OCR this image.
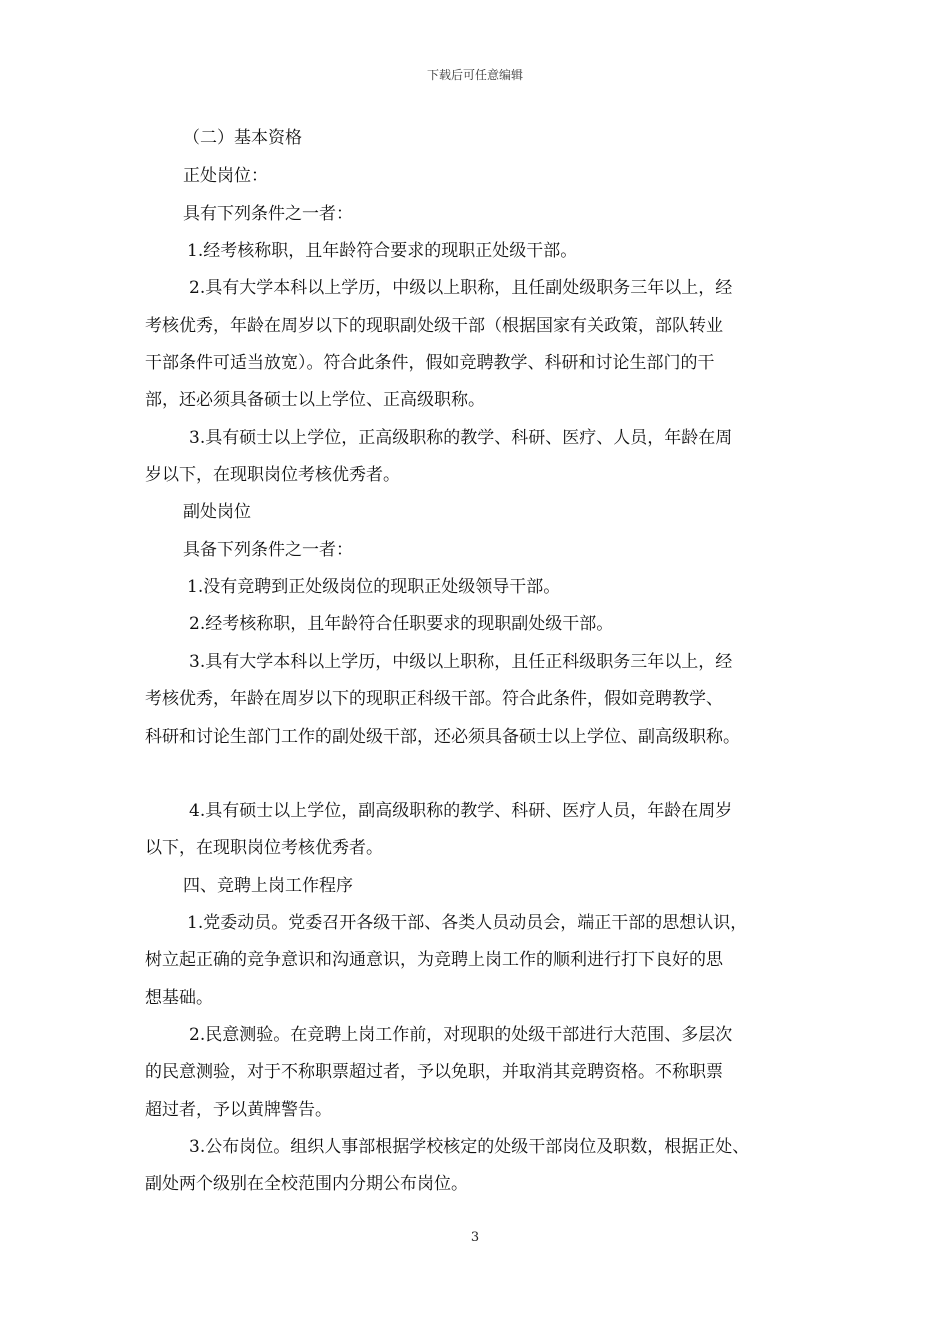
下载后可任意编辑

（二）基本资格

正处岗位：

具有下列条件之一者：

1.经考核称职，且年龄符合要求的现职正处级干部。

2.具有大学本科以上学历，中级以上职称，且任副处级职务三年以上，经

考核优秀，年龄在周岁以下的现职副处级干部（根据国家有关政策，部队转业

干部条件可适当放宽）。符合此条件，假如竞聘教学、科研和讨论生部门的干

部，还必须具备硕士以上学位、正高级职称。

3.具有硕士以上学位，正高级职称的教学、科研、医疗、人员，年龄在周

岁以下，在现职岗位考核优秀者。

副处岗位

具备下列条件之一者：

1.没有竞聘到正处级岗位的现职正处级领导干部。

2.经考核称职，且年龄符合任职要求的现职副处级干部。

3.具有大学本科以上学历，中级以上职称，且任正科级职务三年以上，经

考核优秀，年龄在周岁以下的现职正科级干部。符合此条件，假如竞聘教学、

科研和讨论生部门工作的副处级干部，还必须具备硕士以上学位、副高级职称。

4.具有硕士以上学位，副高级职称的教学、科研、医疗人员，年龄在周岁

以下，在现职岗位考核优秀者。

四、竞聘上岗工作程序

1.党委动员。党委召开各级干部、各类人员动员会，端正干部的思想认识，

树立起正确的竞争意识和沟通意识，为竞聘上岗工作的顺利进行打下良好的思

想基础。

2.民意测验。在竞聘上岗工作前，对现职的处级干部进行大范围、多层次

的民意测验，对于不称职票超过者，予以免职，并取消其竞聘资格。不称职票

超过者，予以黄牌警告。

3.公布岗位。组织人事部根据学校核定的处级干部岗位及职数，根据正处、

副处两个级别在全校范围内分期公布岗位。

3
